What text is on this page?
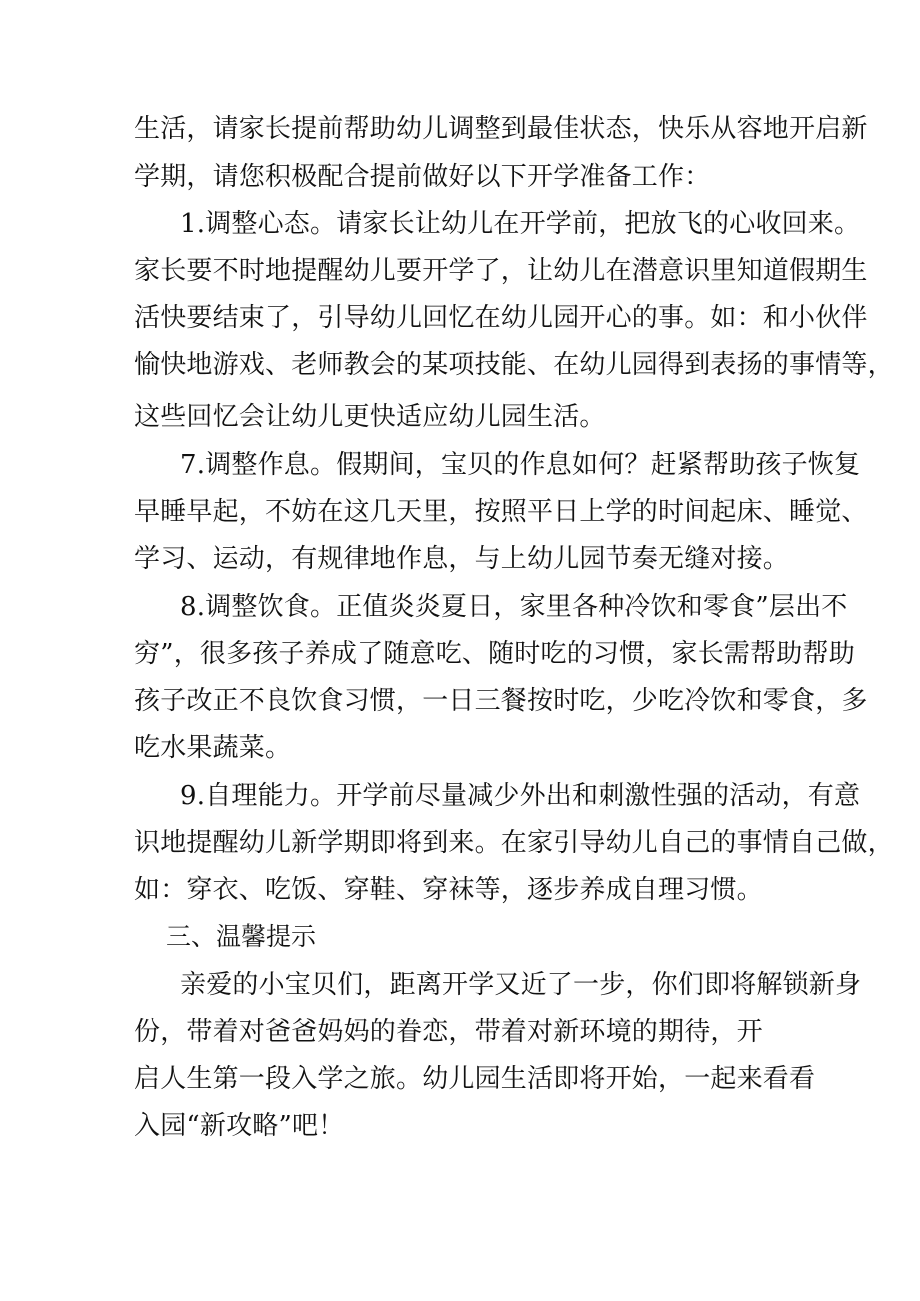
生活，请家长提前帮助幼儿调整到最佳状态，快乐从容地开启新
学期，请您积极配合提前做好以下开学准备工作：
1.调整心态。请家长让幼儿在开学前，把放飞的心收回来。
家长要不时地提醒幼儿要开学了，让幼儿在潜意识里知道假期生
活快要结束了，引导幼儿回忆在幼儿园开心的事。如：和小伙伴
愉快地游戏、老师教会的某项技能、在幼儿园得到表扬的事情等，
这些回忆会让幼儿更快适应幼儿园生活。
7.调整作息。假期间，宝贝的作息如何？赶紧帮助孩子恢复
早睡早起，不妨在这几天里，按照平日上学的时间起床、睡觉、
学习、运动，有规律地作息，与上幼儿园节奏无缝对接。
8.调整饮食。正值炎炎夏日，家里各种冷饮和零食”层出不
穷”，很多孩子养成了随意吃、随时吃的习惯，家长需帮助帮助
孩子改正不良饮食习惯，一日三餐按时吃，少吃冷饮和零食，多
吃水果蔬菜。
9.自理能力。开学前尽量减少外出和刺激性强的活动，有意
识地提醒幼儿新学期即将到来。在家引导幼儿自己的事情自己做，
如：穿衣、吃饭、穿鞋、穿袜等，逐步养成自理习惯。
三、温馨提示
亲爱的小宝贝们，距离开学又近了一步，你们即将解锁新身
份，带着对爸爸妈妈的眷恋，带着对新环境的期待，开
启人生第一段入学之旅。幼儿园生活即将开始，一起来看看
入园“新攻略”吧！
